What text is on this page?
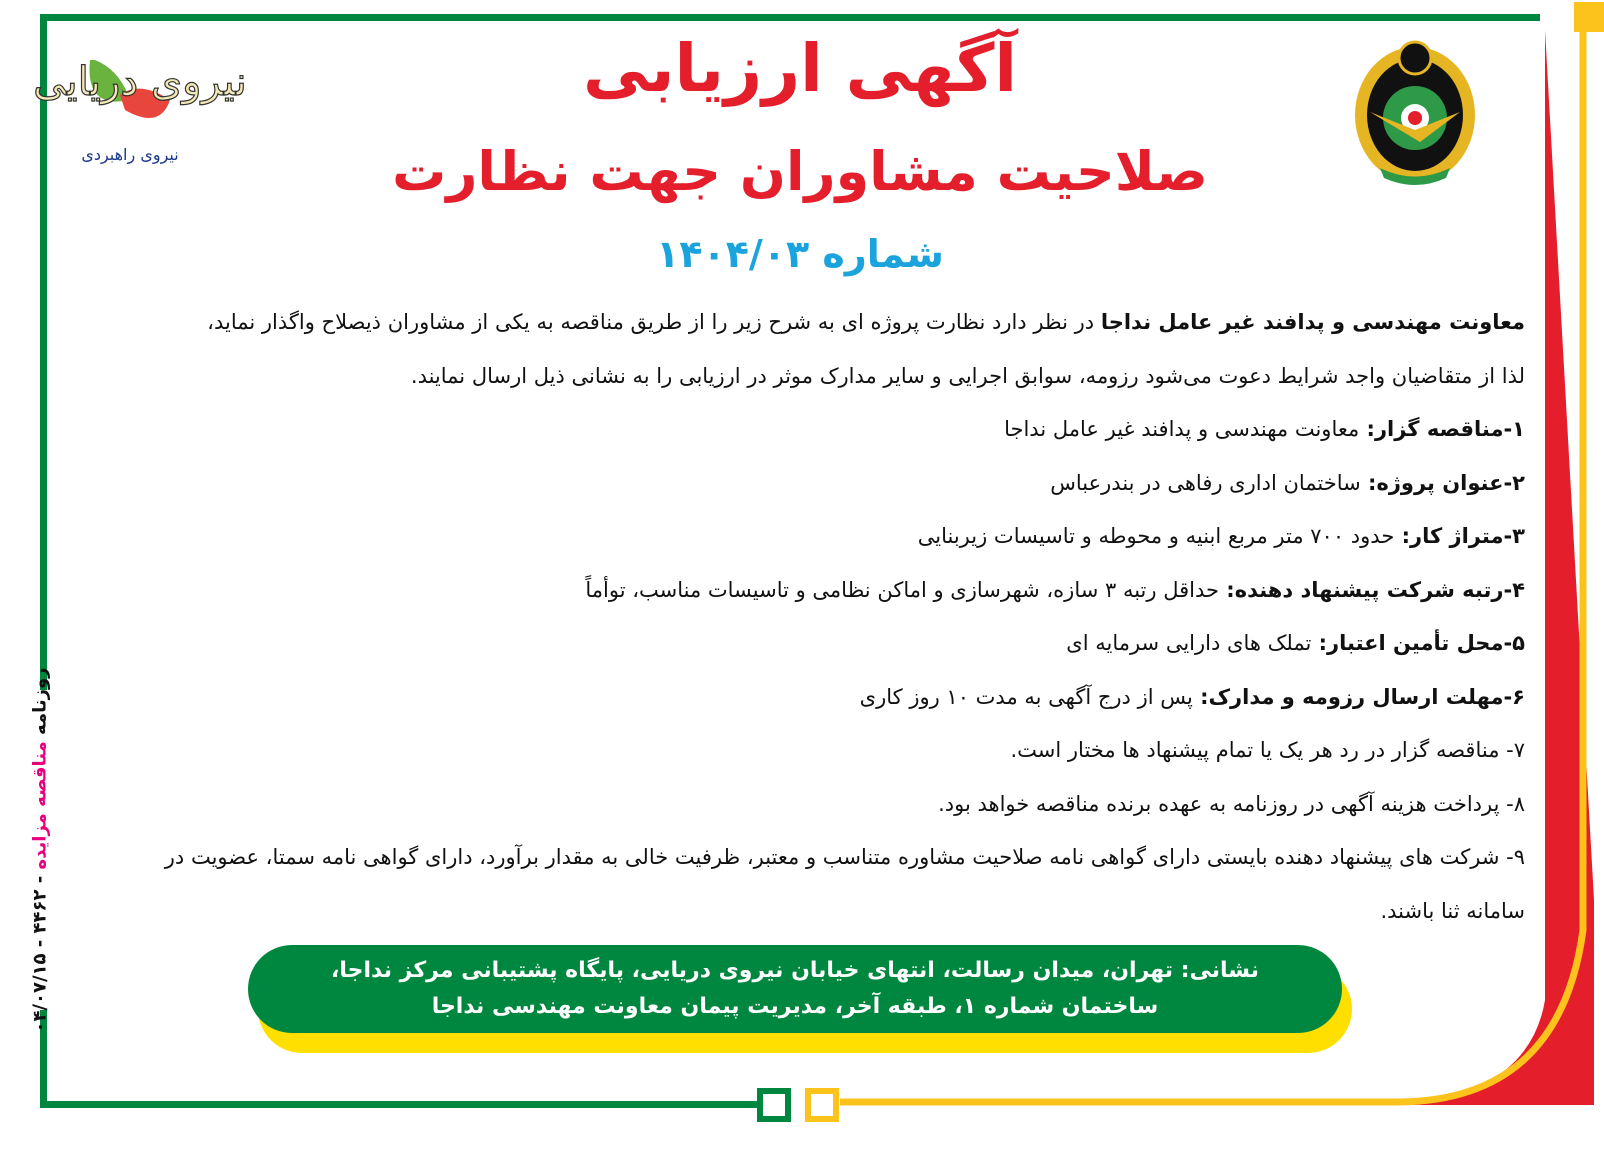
نیروی دریایی
نیروی راهبردی
آگهی ارزیابی
صلاحیت مشاوران جهت نظارت
شماره ۱۴۰۴/۰۳
معاونت مهندسی و پدافند غیر عامل نداجا در نظر دارد نظارت پروژه ای به شرح زیر را از طریق مناقصه به یکی از مشاوران ذیصلاح واگذار نماید،
لذا از متقاضیان واجد شرایط دعوت می‌شود رزومه، سوابق اجرایی و سایر مدارک موثر در ارزیابی را به نشانی ذیل ارسال نمایند.
۱-مناقصه گزار: معاونت مهندسی و پدافند غیر عامل نداجا
۲-عنوان پروژه: ساختمان اداری رفاهی در بندرعباس
۳-متراژ کار: حدود ۷۰۰ متر مربع ابنیه و محوطه و تاسیسات زیربنایی
۴-رتبه شرکت پیشنهاد دهنده: حداقل رتبه ۳ سازه، شهرسازی و اماکن نظامی و تاسیسات مناسب، توأماً
۵-محل تأمین اعتبار: تملک های دارایی سرمایه ای
۶-مهلت ارسال رزومه و مدارک: پس از درج آگهی به مدت ۱۰ روز کاری
۷- مناقصه گزار در رد هر یک یا تمام پیشنهاد ها مختار است.
۸- پرداخت هزینه آگهی در روزنامه به عهده برنده مناقصه خواهد بود.
۹- شرکت های پیشنهاد دهنده بایستی دارای گواهی نامه صلاحیت مشاوره متناسب و معتبر، ظرفیت خالی به مقدار برآورد، دارای گواهی نامه سمتا، عضویت در
سامانه ثنا باشند.
نشانی: تهران، میدان رسالت، انتهای خیابان نیروی دریایی، پایگاه پشتیبانی مرکز نداجا،
ساختمان شماره ۱، طبقه آخر، مدیریت پیمان معاونت مهندسی نداجا
روزنامه مناقصه مزایده - ۴۴۶۲ - ۰۴/۰۷/۱۵
